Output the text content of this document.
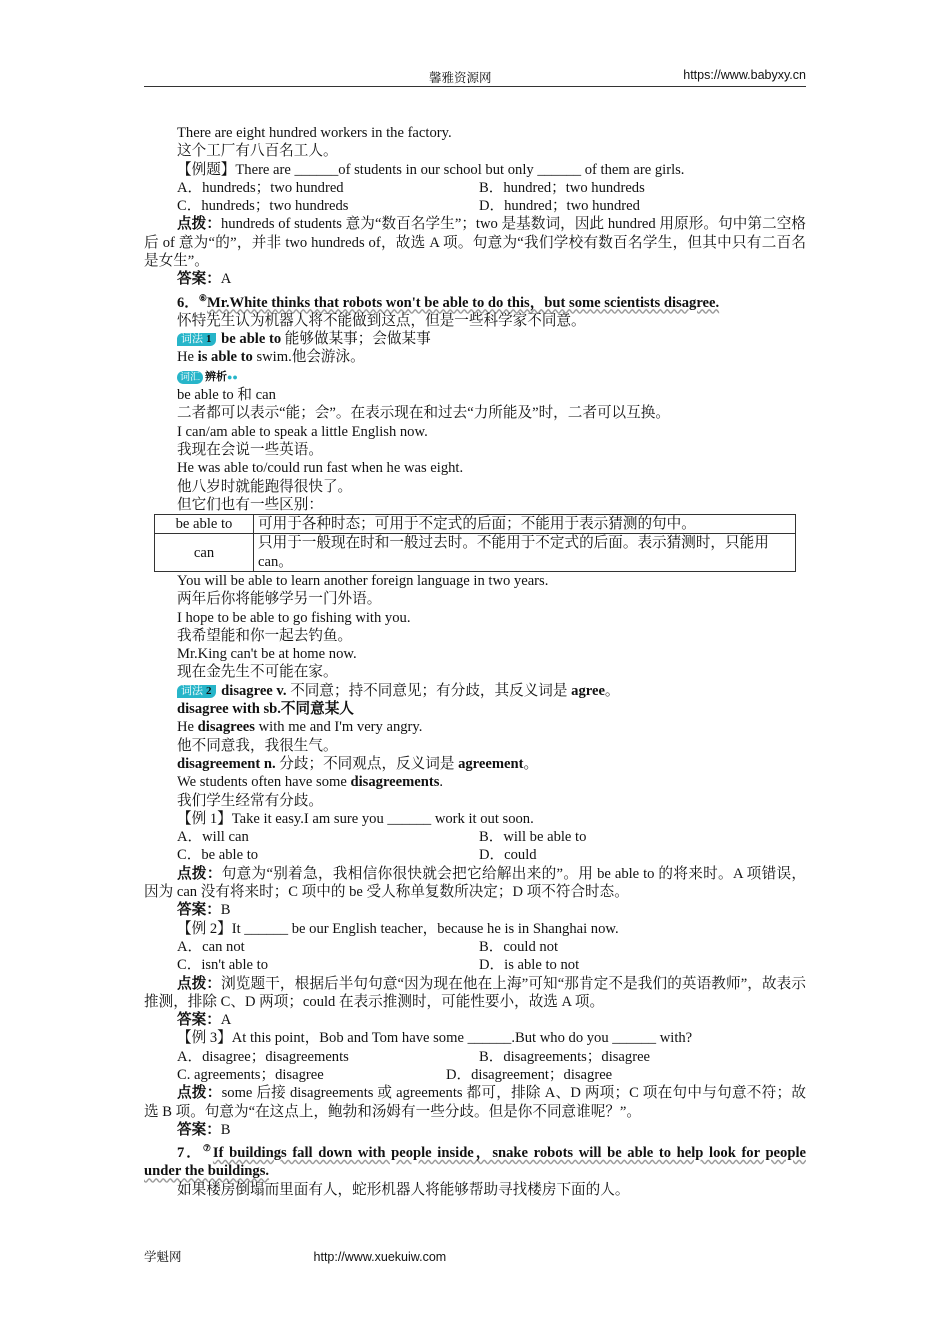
馨雅资源网	https://www.babyxy.cn
There are eight hundred workers in the factory.
这个工厂有八百名工人。
【例题】There are ______of students in our school but only ______ of them are girls.
A．hundreds；two hundred	B．hundred；two hundreds
C．hundreds；two hundreds	D．hundred；two hundred
点拨：hundreds of students 意为“数百名学生”；two 是基数词，因此 hundred 用原形。句中第二空格后 of 意为“的”，并非 two hundreds of，故选 A 项。句意为“我们学校有数百名学生，但其中只有二百名是女生”。
答案：A
6．⑥Mr.White thinks that robots won't be able to do this，but some scientists disagree.
怀特先生认为机器人将不能做到这点，但是一些科学家不同意。
词法 1 be able to 能够做某事；会做某事
He is able to swim.他会游泳。
词汇 辨析●●
be able to 和 can
二者都可以表示“能；会”。在表示现在和过去“力所能及”时，二者可以互换。
I can/am able to speak a little English now.
我现在会说一些英语。
He was able to/could run fast when he was eight.
他八岁时就能跑得很快了。
但它们也有一些区别：
be able to	可用于各种时态；可用于不定式的后面；不能用于表示猜测的句中。
can	只用于一般现在时和一般过去时。不能用于不定式的后面。表示猜测时，只能用 can。
You will be able to learn another foreign language in two years.
两年后你将能够学另一门外语。
I hope to be able to go fishing with you.
我希望能和你一起去钓鱼。
Mr.King can't be at home now.
现在金先生不可能在家。
词法 2 disagree v. 不同意；持不同意见；有分歧，其反义词是 agree。
disagree with sb.不同意某人
He disagrees with me and I'm very angry.
他不同意我，我很生气。
disagreement n. 分歧；不同观点，反义词是 agreement。
We students often have some disagreements.
我们学生经常有分歧。
【例 1】Take it easy.I am sure you ______ work it out soon.
A．will can	B．will be able to
C．be able to	D．could
点拨：句意为“别着急，我相信你很快就会把它给解出来的”。用 be able to 的将来时。A 项错误，因为 can 没有将来时；C 项中的 be 受人称单复数所决定；D 项不符合时态。
答案：B
【例 2】It ______ be our English teacher，because he is in Shanghai now.
A．can not	B．could not
C．isn't able to	D．is able to not
点拨：浏览题干，根据后半句句意“因为现在他在上海”可知“那肯定不是我们的英语教师”，故表示推测，排除 C、D 两项；could 在表示推测时，可能性要小，故选 A 项。
答案：A
【例 3】At this point，Bob and Tom have some ______.But who do you ______ with?
A．disagree；disagreements	B．disagreements；disagree
C. agreements；disagree	D．disagreement；disagree
点拨：some 后接 disagreements 或 agreements 都可，排除 A、D 两项；C 项在句中与句意不符；故选 B 项。句意为“在这点上，鲍勃和汤姆有一些分歧。但是你不同意谁呢？”。
答案：B
7．⑦If buildings fall down with people inside，snake robots will be able to help look for people under the buildings.
如果楼房倒塌而里面有人，蛇形机器人将能够帮助寻找楼房下面的人。
学魁网	http://www.xuekuiw.com
